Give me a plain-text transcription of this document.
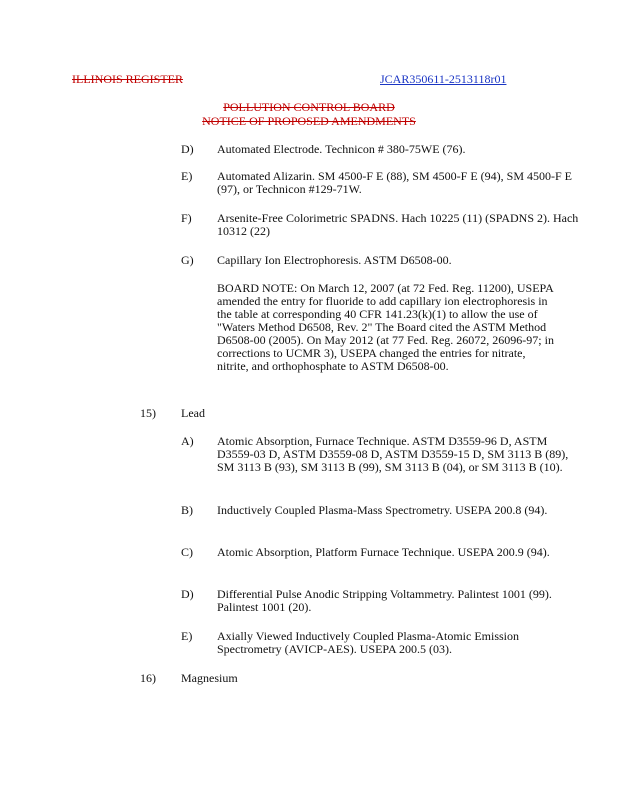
ILLINOIS REGISTER	JCAR350611-2513118r01
POLLUTION CONTROL BOARD
NOTICE OF PROPOSED AMENDMENTS
D) Automated Electrode. Technicon # 380-75WE (76).
E) Automated Alizarin. SM 4500-F E (88), SM 4500-F E (94), SM 4500-F E (97), or Technicon #129-71W.
F) Arsenite-Free Colorimetric SPADNS. Hach 10225 (11) (SPADNS 2). Hach 10312 (22)
G) Capillary Ion Electrophoresis. ASTM D6508-00.
BOARD NOTE: On March 12, 2007 (at 72 Fed. Reg. 11200), USEPA amended the entry for fluoride to add capillary ion electrophoresis in the table at corresponding 40 CFR 141.23(k)(1) to allow the use of "Waters Method D6508, Rev. 2" The Board cited the ASTM Method D6508-00 (2005). On May 2012 (at 77 Fed. Reg. 26072, 26096-97; in corrections to UCMR 3), USEPA changed the entries for nitrate, nitrite, and orthophosphate to ASTM D6508-00.
15) Lead
A) Atomic Absorption, Furnace Technique. ASTM D3559-96 D, ASTM D3559-03 D, ASTM D3559-08 D, ASTM D3559-15 D, SM 3113 B (89), SM 3113 B (93), SM 3113 B (99), SM 3113 B (04), or SM 3113 B (10).
B) Inductively Coupled Plasma-Mass Spectrometry. USEPA 200.8 (94).
C) Atomic Absorption, Platform Furnace Technique. USEPA 200.9 (94).
D) Differential Pulse Anodic Stripping Voltammetry. Palintest 1001 (99). Palintest 1001 (20).
E) Axially Viewed Inductively Coupled Plasma-Atomic Emission Spectrometry (AVICP-AES). USEPA 200.5 (03).
16) Magnesium
